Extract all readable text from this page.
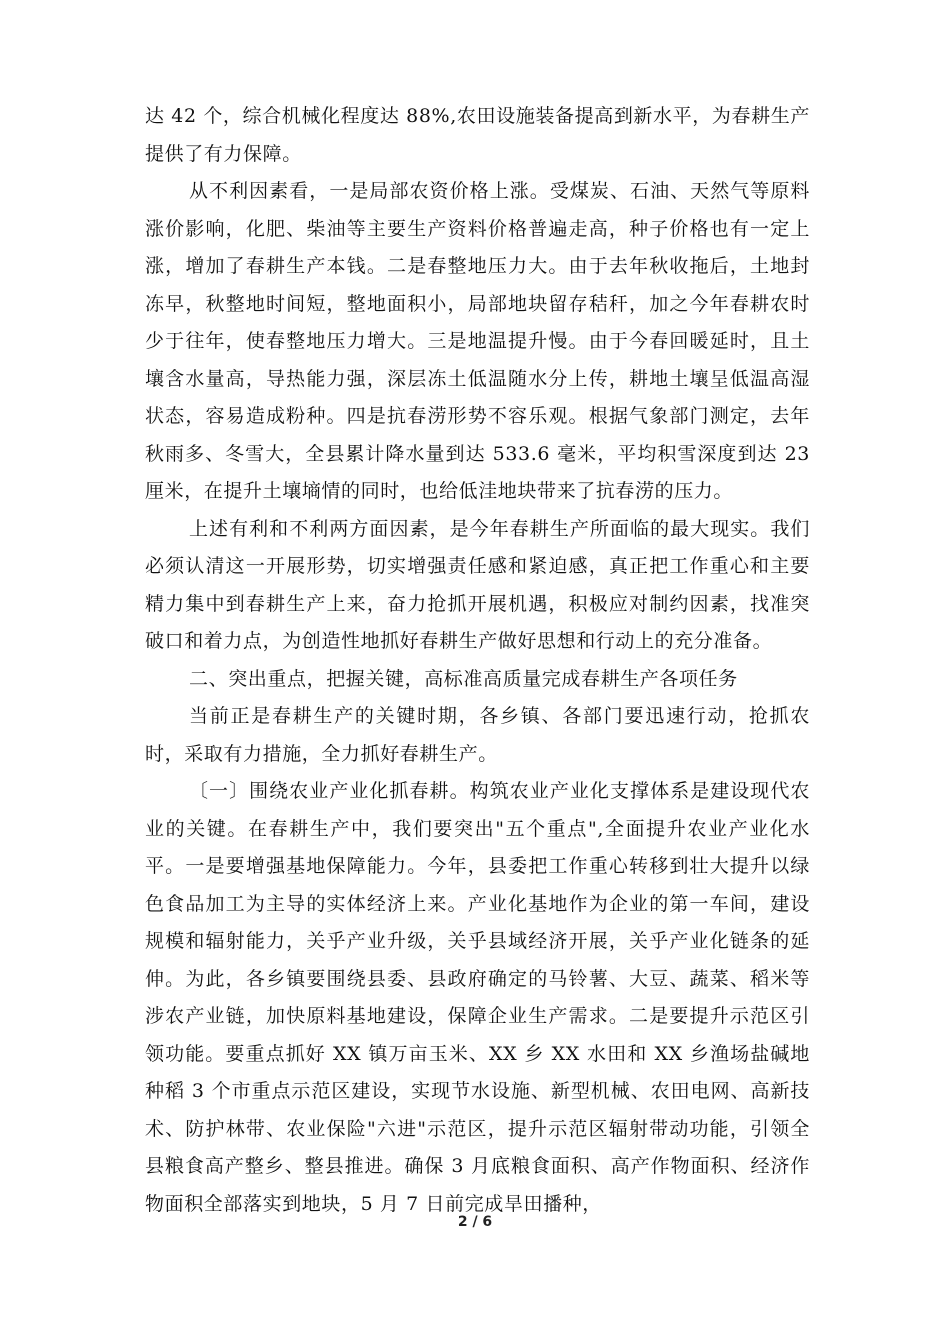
达 42 个，综合机械化程度达 88%,农田设施装备提高到新水平，为春耕生产提供了有力保障。

从不利因素看，一是局部农资价格上涨。受煤炭、石油、天然气等原料涨价影响，化肥、柴油等主要生产资料价格普遍走高，种子价格也有一定上涨，增加了春耕生产本钱。二是春整地压力大。由于去年秋收拖后，土地封冻早，秋整地时间短，整地面积小，局部地块留存秸秆，加之今年春耕农时少于往年，使春整地压力增大。三是地温提升慢。由于今春回暖延时，且土壤含水量高，导热能力强，深层冻土低温随水分上传，耕地土壤呈低温高湿状态，容易造成粉种。四是抗春涝形势不容乐观。根据气象部门测定，去年秋雨多、冬雪大，全县累计降水量到达 533.6 毫米，平均积雪深度到达 23 厘米，在提升土壤墒情的同时，也给低洼地块带来了抗春涝的压力。

上述有利和不利两方面因素，是今年春耕生产所面临的最大现实。我们必须认清这一开展形势，切实增强责任感和紧迫感，真正把工作重心和主要精力集中到春耕生产上来，奋力抢抓开展机遇，积极应对制约因素，找准突破口和着力点，为创造性地抓好春耕生产做好思想和行动上的充分准备。

二、突出重点，把握关键，高标准高质量完成春耕生产各项任务

当前正是春耕生产的关键时期，各乡镇、各部门要迅速行动，抢抓农时，采取有力措施，全力抓好春耕生产。

〔一〕围绕农业产业化抓春耕。构筑农业产业化支撑体系是建设现代农业的关键。在春耕生产中，我们要突出"五个重点",全面提升农业产业化水平。一是要增强基地保障能力。今年，县委把工作重心转移到壮大提升以绿色食品加工为主导的实体经济上来。产业化基地作为企业的第一车间，建设规模和辐射能力，关乎产业升级，关乎县域经济开展，关乎产业化链条的延伸。为此，各乡镇要围绕县委、县政府确定的马铃薯、大豆、蔬菜、稻米等涉农产业链，加快原料基地建设，保障企业生产需求。二是要提升示范区引领功能。要重点抓好 XX 镇万亩玉米、XX 乡 XX 水田和 XX 乡渔场盐碱地种稻 3 个市重点示范区建设，实现节水设施、新型机械、农田电网、高新技术、防护林带、农业保险"六进"示范区，提升示范区辐射带动功能，引领全县粮食高产整乡、整县推进。确保 3 月底粮食面积、高产作物面积、经济作物面积全部落实到地块，5 月 7 日前完成旱田播种，

2 / 6
